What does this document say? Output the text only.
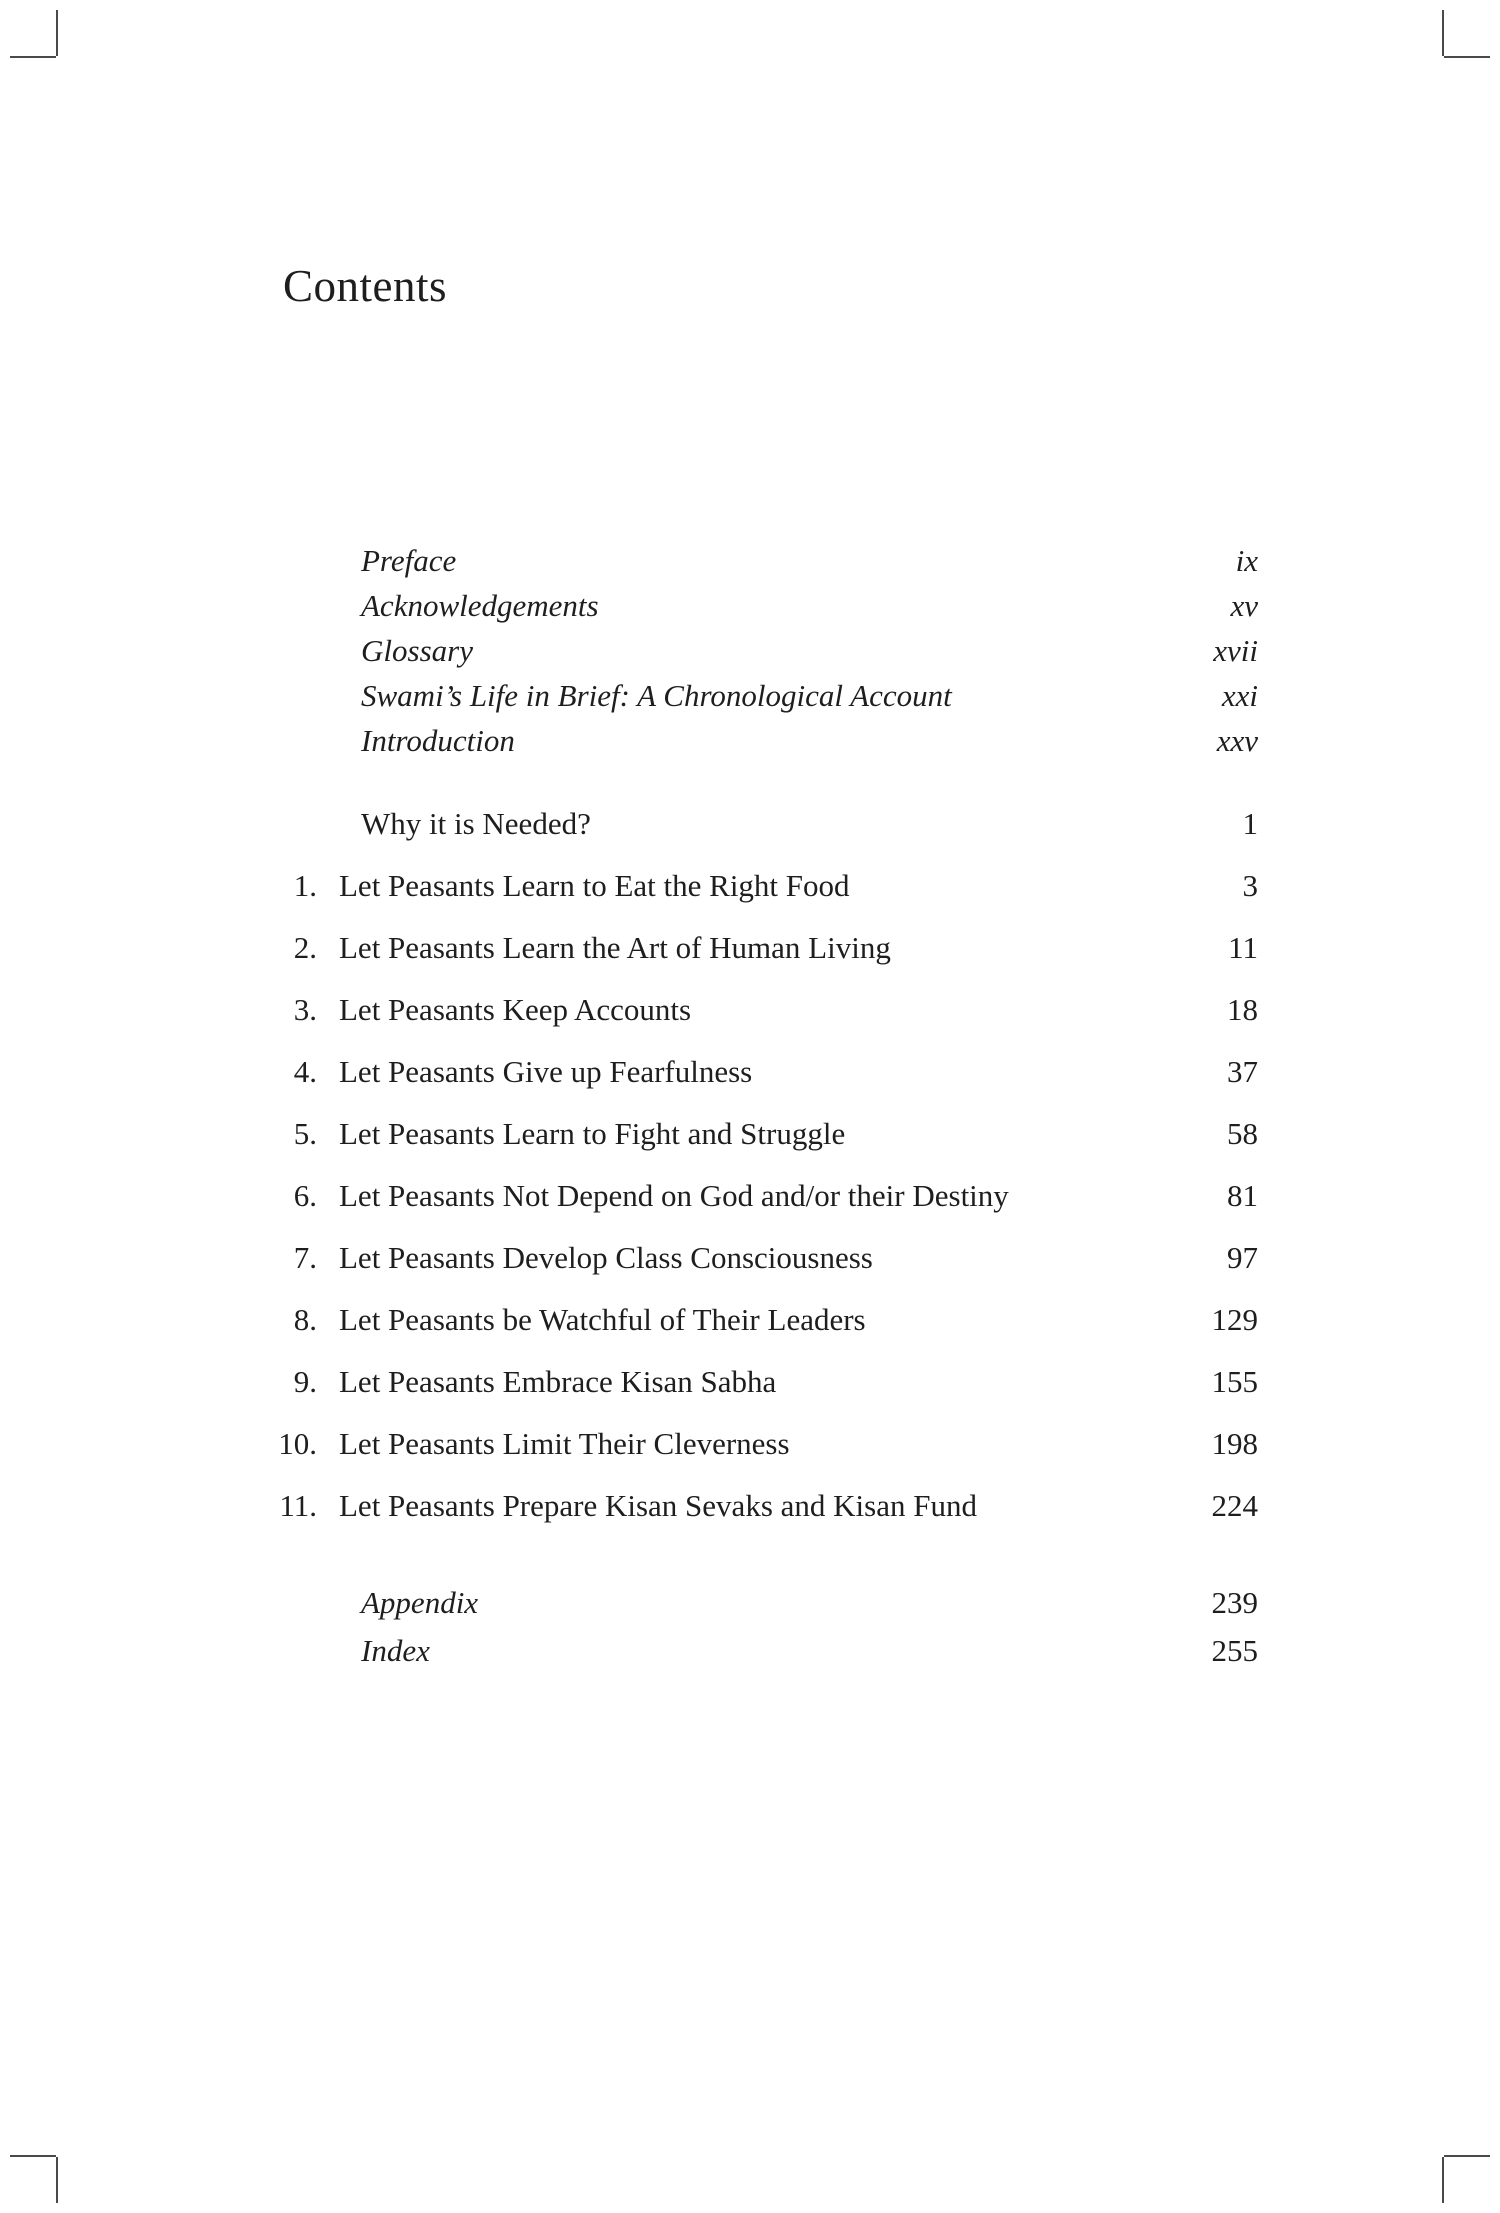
Contents
Preface	ix
Acknowledgements	xv
Glossary	xvii
Swami’s Life in Brief: A Chronological Account	xxi
Introduction	xxv
Why it is Needed?	1
1. Let Peasants Learn to Eat the Right Food	3
2. Let Peasants Learn the Art of Human Living	11
3. Let Peasants Keep Accounts	18
4. Let Peasants Give up Fearfulness	37
5. Let Peasants Learn to Fight and Struggle	58
6. Let Peasants Not Depend on God and/or their Destiny	81
7. Let Peasants Develop Class Consciousness	97
8. Let Peasants be Watchful of Their Leaders	129
9. Let Peasants Embrace Kisan Sabha	155
10. Let Peasants Limit Their Cleverness	198
11. Let Peasants Prepare Kisan Sevaks and Kisan Fund	224
Appendix	239
Index	255
